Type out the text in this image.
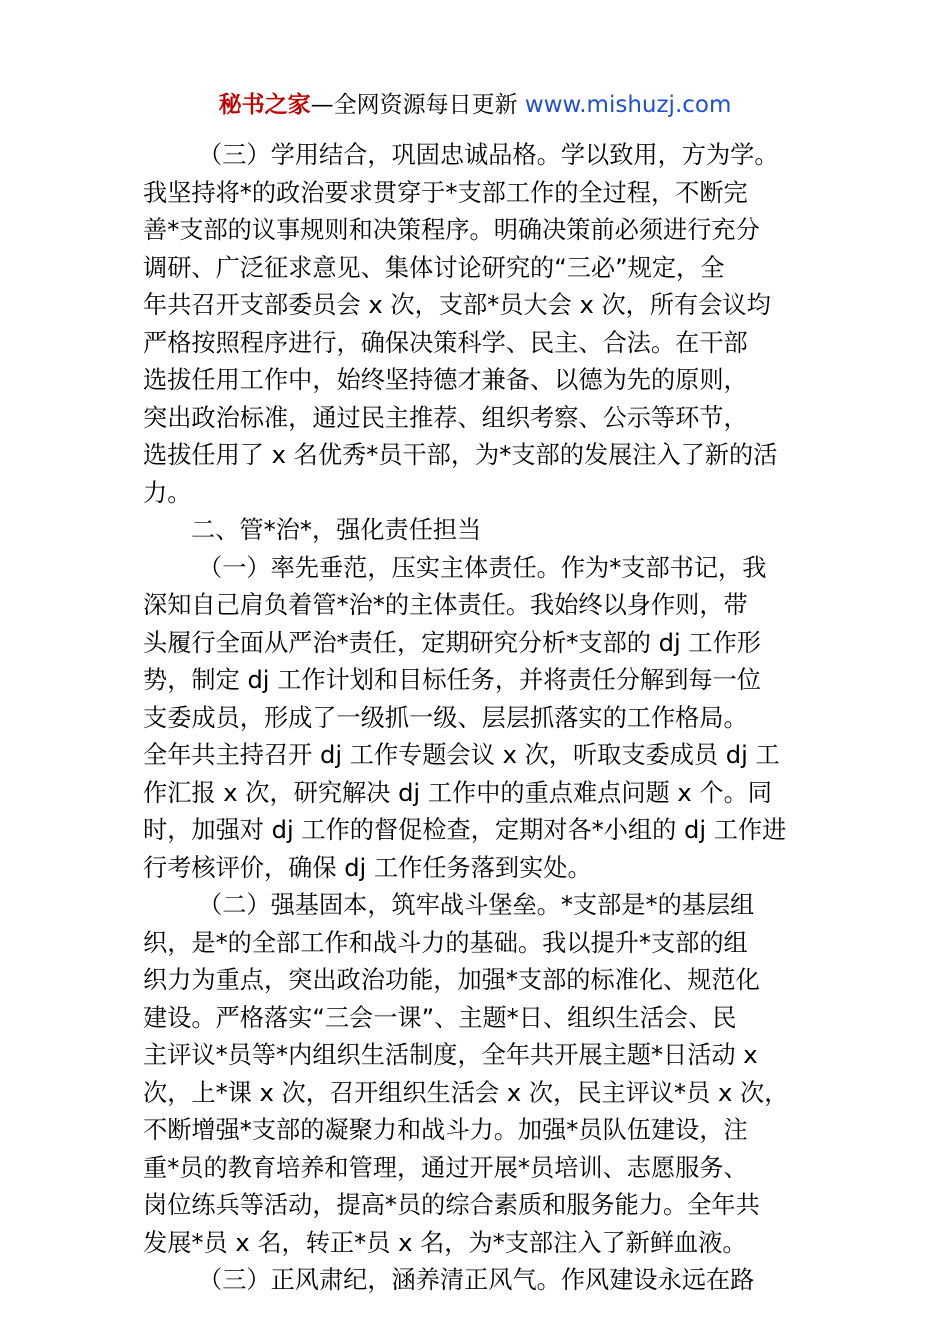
秘书之家—全网资源每日更新 www.mishuzj.com
（三）学用结合，巩固忠诚品格。学以致用，方为学。
我坚持将*的政治要求贯穿于*支部工作的全过程，不断完
善*支部的议事规则和决策程序。明确决策前必须进行充分
调研、广泛征求意见、集体讨论研究的“三必”规定，全
年共召开支部委员会 x 次，支部*员大会 x 次，所有会议均
严格按照程序进行，确保决策科学、民主、合法。在干部
选拔任用工作中，始终坚持德才兼备、以德为先的原则，
突出政治标准，通过民主推荐、组织考察、公示等环节，
选拔任用了 x 名优秀*员干部，为*支部的发展注入了新的活
力。
二、管*治*，强化责任担当
（一）率先垂范，压实主体责任。作为*支部书记，我
深知自己肩负着管*治*的主体责任。我始终以身作则，带
头履行全面从严治*责任，定期研究分析*支部的 dj 工作形
势，制定 dj 工作计划和目标任务，并将责任分解到每一位
支委成员，形成了一级抓一级、层层抓落实的工作格局。
全年共主持召开 dj 工作专题会议 x 次，听取支委成员 dj 工
作汇报 x 次，研究解决 dj 工作中的重点难点问题 x 个。同
时，加强对 dj 工作的督促检查，定期对各*小组的 dj 工作进
行考核评价，确保 dj 工作任务落到实处。
（二）强基固本，筑牢战斗堡垒。*支部是*的基层组
织，是*的全部工作和战斗力的基础。我以提升*支部的组
织力为重点，突出政治功能，加强*支部的标准化、规范化
建设。严格落实“三会一课”、主题*日、组织生活会、民
主评议*员等*内组织生活制度，全年共开展主题*日活动 x
次，上*课 x 次，召开组织生活会 x 次，民主评议*员 x 次，
不断增强*支部的凝聚力和战斗力。加强*员队伍建设，注
重*员的教育培养和管理，通过开展*员培训、志愿服务、
岗位练兵等活动，提高*员的综合素质和服务能力。全年共
发展*员 x 名，转正*员 x 名，为*支部注入了新鲜血液。
（三）正风肃纪，涵养清正风气。作风建设永远在路
